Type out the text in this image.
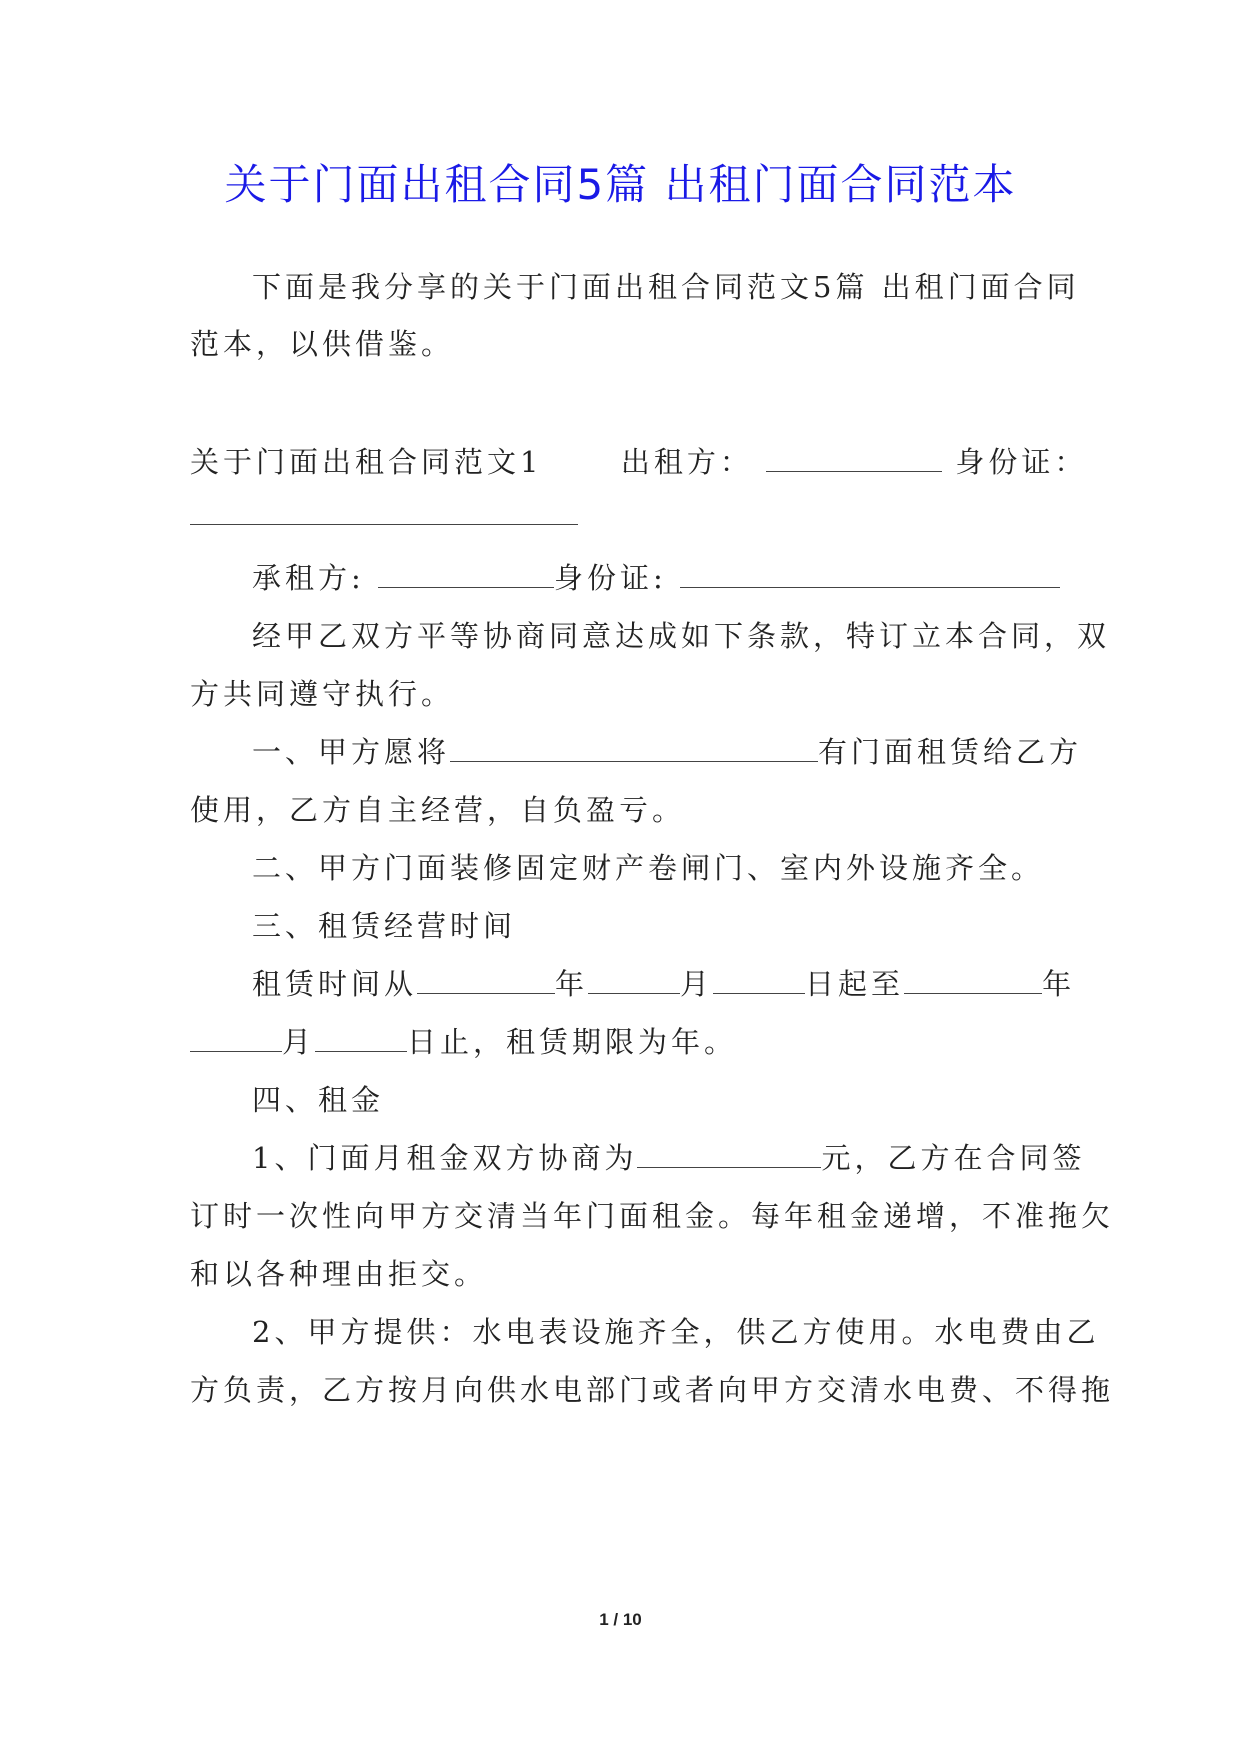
关于门面出租合同5篇 出租门面合同范本
下面是我分享的关于门面出租合同范文5篇 出租门面合同
范本，以供借鉴。
关于门面出租合同范文1	出租方：	身份证：
承租方:	身份证:
经甲乙双方平等协商同意达成如下条款，特订立本合同，双
方共同遵守执行。
一、甲方愿将	有门面租赁给乙方
使用，乙方自主经营，自负盈亏。
二、甲方门面装修固定财产卷闸门、室内外设施齐全。
三、租赁经营时间
租赁时间从	年	月	日起至	年
月	日止，租赁期限为年。
四、租金
1、门面月租金双方协商为	元，乙方在合同签
订时一次性向甲方交清当年门面租金。每年租金递增，不准拖欠
和以各种理由拒交。
2、甲方提供：水电表设施齐全，供乙方使用。水电费由乙
方负责，乙方按月向供水电部门或者向甲方交清水电费、不得拖
1 / 10
